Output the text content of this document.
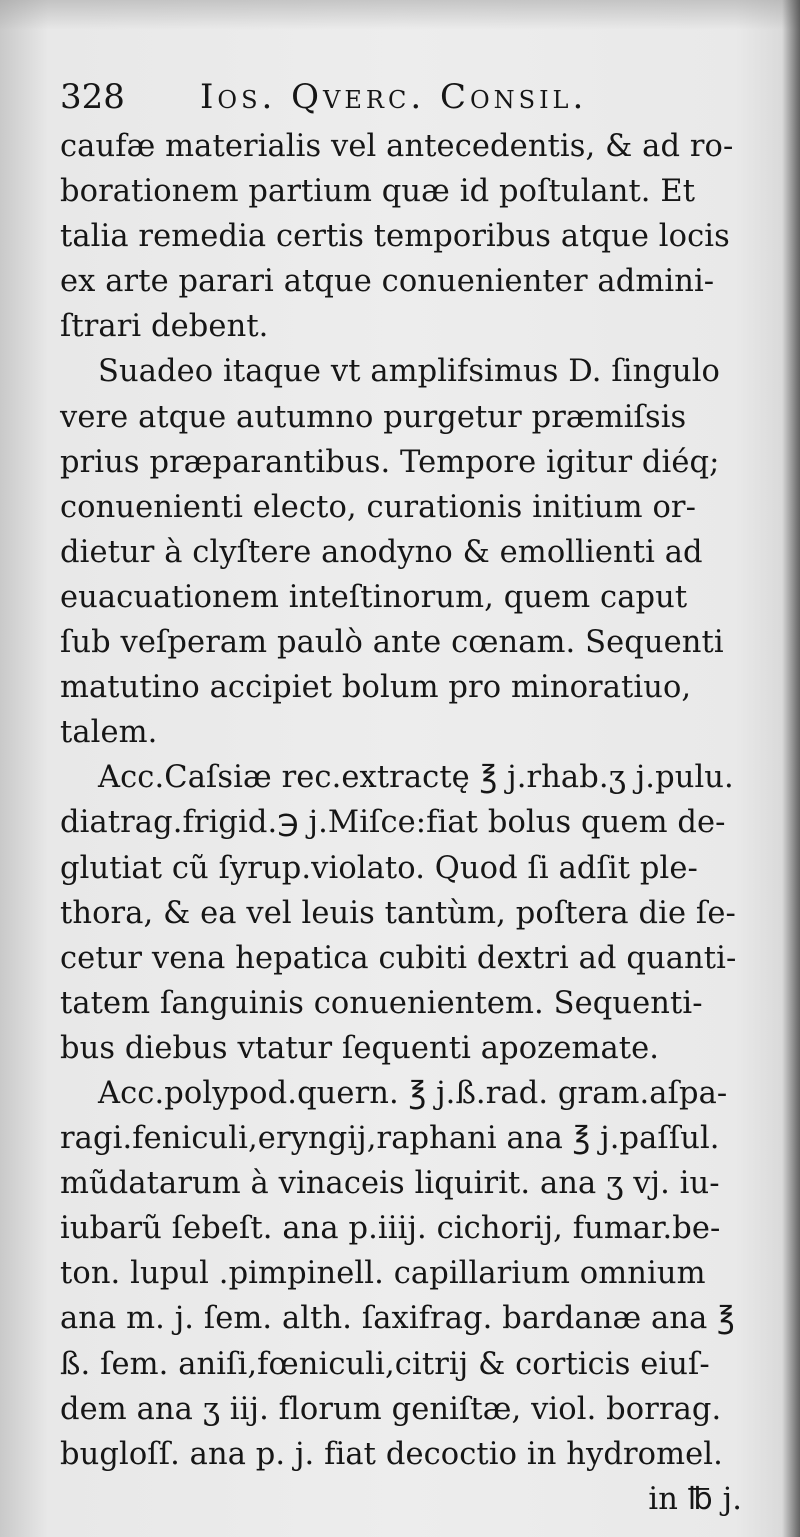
328	Ios. Qverc. Consil.
caufæ materialis vel antecedentis, & ad ro-
borationem partium quæ id poſtulant. Et
talia remedia certis temporibus atque locis
ex arte parari atque conuenienter admini-
ſtrari debent.
Suadeo itaque vt amplifsimus D. ſingulo
vere atque autumno purgetur præmiſsis
prius præparantibus. Tempore igitur diéq;
conuenienti electo, curationis initium or-
dietur à clyſtere anodyno & emollienti ad
euacuationem inteſtinorum, quem caput
ſub veſperam paulò ante cœnam. Sequenti
matutino accipiet bolum pro minoratiuo,
talem.
Acc.Caſsiæ rec.extractę ℥ j.rhab.ʒ j.pulu.
diatrag.frigid.℈ j.Miſce:fiat bolus quem de-
glutiat cũ ſyrup.violato. Quod ſi adſit ple-
thora, & ea vel leuis tantùm, poſtera die ſe-
cetur vena hepatica cubiti dextri ad quanti-
tatem ſanguinis conuenientem. Sequenti-
bus diebus vtatur ſequenti apozemate.
Acc.polypod.quern. ℥ j.ß.rad. gram.aſpa-
ragi.feniculi,eryngij,raphani ana ℥ j.paſſul.
mũdatarum à vinaceis liquirit. ana ʒ vj. iu-
iubarũ ſebeſt. ana p.iiij. cichorij, fumar.be-
ton. lupul .pimpinell. capillarium omnium
ana m. j. ſem. alth. ſaxifrag. bardanæ ana ℥
ß. ſem. aniſi,fœniculi,citrij & corticis eiuſ-
dem ana ʒ iij. florum geniſtæ, viol. borrag.
bugloſſ. ana p. j. fiat decoctio in hydromel.
in ℔ j.
